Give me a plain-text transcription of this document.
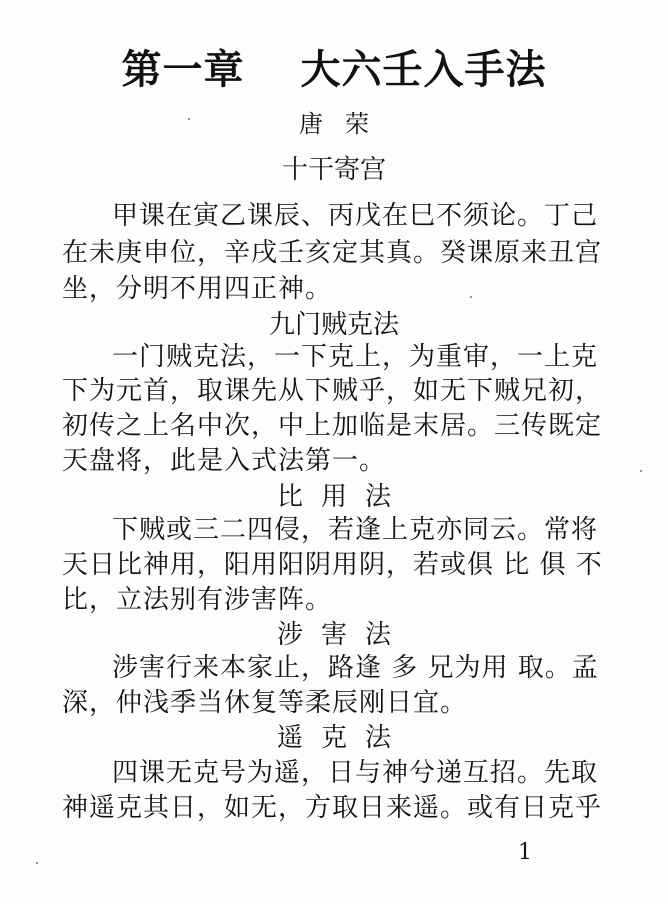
第一章 大六壬入手法
唐荣
十干寄宫
甲课在寅乙课辰、丙戊在巳不须论。丁己
在未庚申位，辛戌壬亥定其真。癸课原来丑宫
坐，分明不用四正神。
九门贼克法
一门贼克法，一下克上，为重审，一上克
下为元首，取课先从下贼乎，如无下贼兄初，
初传之上名中次，中上加临是末居。三传既定
天盘将，此是入式法第一。
比用法
下贼或三二四侵，若逢上克亦同云。常将
天日比神用，阳用阳阴用阴，若或俱 比 俱 不
比，立法别有涉害阵。
涉害法
涉害行来本家止，路逢 多 兄为用 取。孟
深，仲浅季当休复等柔辰刚日宜。
遥克法
四课无克号为遥，日与神兮递互招。先取
神遥克其日，如无，方取日来遥。或有日克乎
1
